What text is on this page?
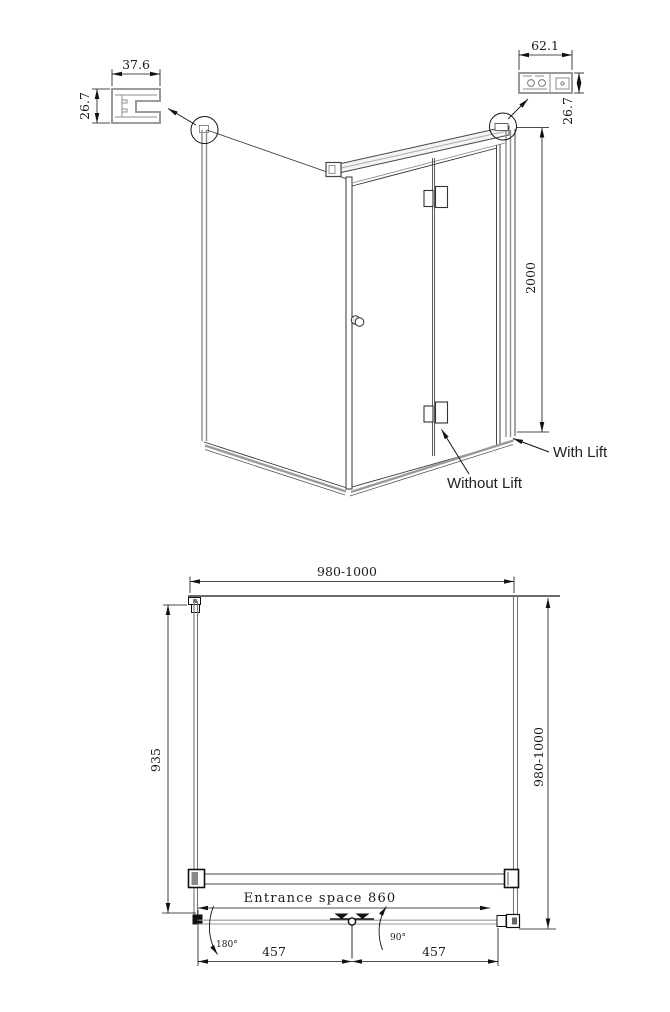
37.6
26.7
62.1
26.7
2000
With Lift
Without Lift
980-1000
980-1000
935
Entrance space 860
457	457
180°
90°
